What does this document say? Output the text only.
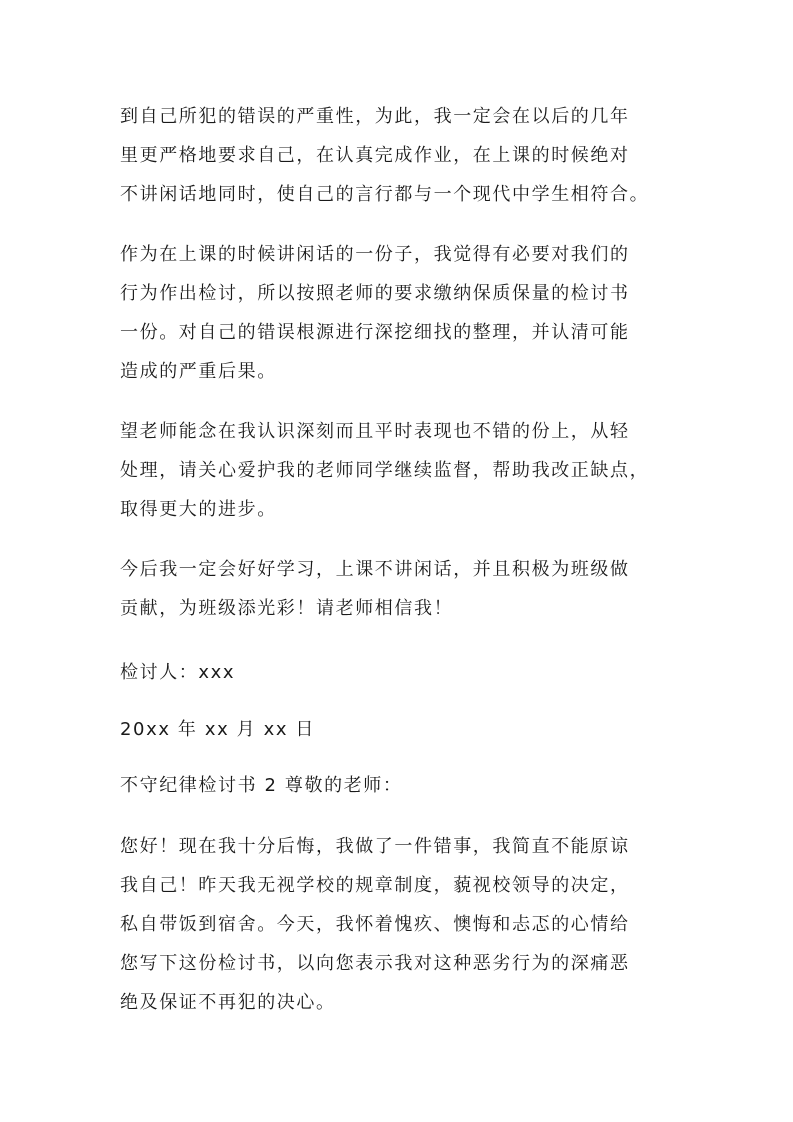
到自己所犯的错误的严重性，为此，我一定会在以后的几年
里更严格地要求自己，在认真完成作业，在上课的时候绝对
不讲闲话地同时，使自己的言行都与一个现代中学生相符合。
作为在上课的时候讲闲话的一份子，我觉得有必要对我们的
行为作出检讨，所以按照老师的要求缴纳保质保量的检讨书
一份。对自己的错误根源进行深挖细找的整理，并认清可能
造成的严重后果。
望老师能念在我认识深刻而且平时表现也不错的份上，从轻
处理，请关心爱护我的老师同学继续监督，帮助我改正缺点，
取得更大的进步。
今后我一定会好好学习，上课不讲闲话，并且积极为班级做
贡献，为班级添光彩！请老师相信我！
检讨人：xxx
20xx 年 xx 月 xx 日
不守纪律检讨书 2 尊敬的老师：
您好！现在我十分后悔，我做了一件错事，我简直不能原谅
我自己！昨天我无视学校的规章制度，藐视校领导的决定，
私自带饭到宿舍。今天，我怀着愧疚、懊悔和忐忑的心情给
您写下这份检讨书，以向您表示我对这种恶劣行为的深痛恶
绝及保证不再犯的决心。
